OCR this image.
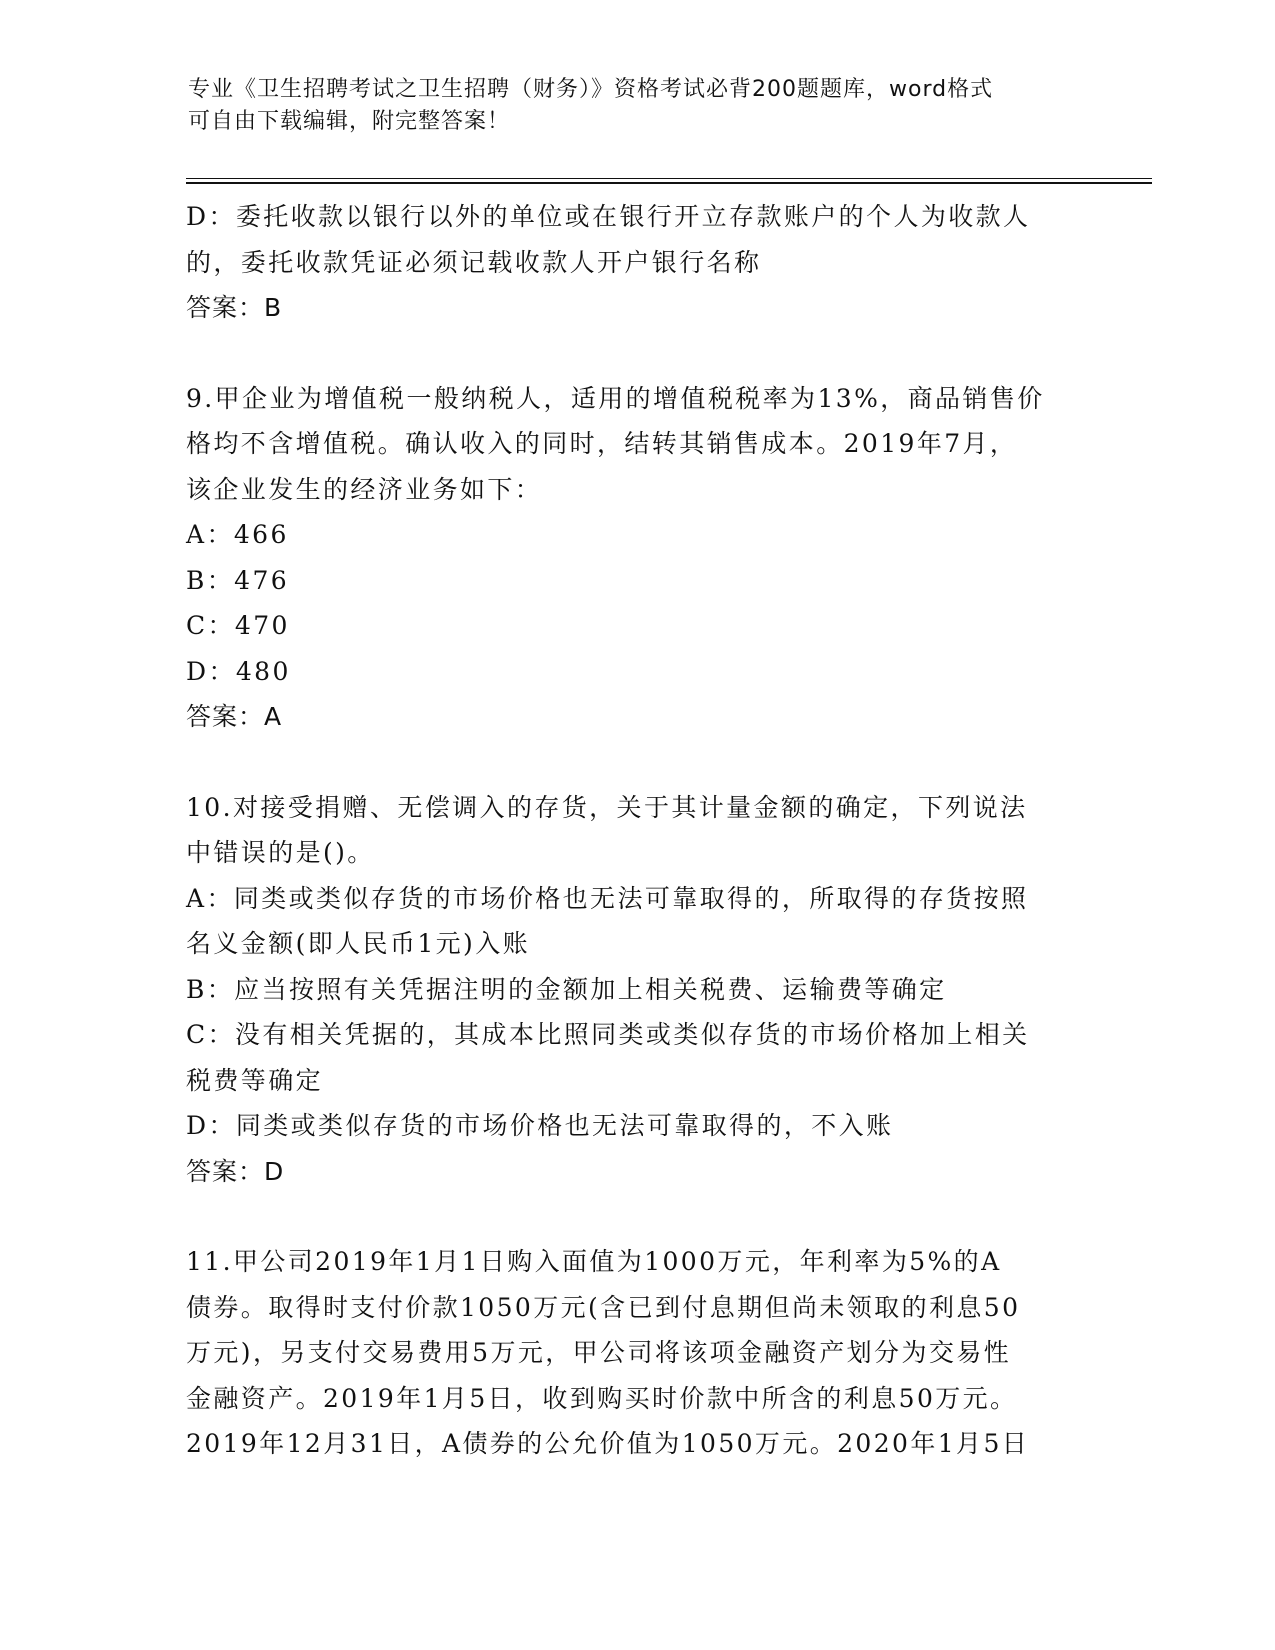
专业《卫生招聘考试之卫生招聘（财务）》资格考试必背200题题库，word格式
可自由下载编辑，附完整答案！
D：委托收款以银行以外的单位或在银行开立存款账户的个人为收款人
的，委托收款凭证必须记载收款人开户银行名称
答案：B
9.甲企业为增值税一般纳税人，适用的增值税税率为13%，商品销售价
格均不含增值税。确认收入的同时，结转其销售成本。2019年7月，
该企业发生的经济业务如下：
A：466
B：476
C：470
D：480
答案：A
10.对接受捐赠、无偿调入的存货，关于其计量金额的确定，下列说法
中错误的是()。
A：同类或类似存货的市场价格也无法可靠取得的，所取得的存货按照
名义金额(即人民币1元)入账
B：应当按照有关凭据注明的金额加上相关税费、运输费等确定
C：没有相关凭据的，其成本比照同类或类似存货的市场价格加上相关
税费等确定
D：同类或类似存货的市场价格也无法可靠取得的，不入账
答案：D
11.甲公司2019年1月1日购入面值为1000万元，年利率为5%的A
债券。取得时支付价款1050万元(含已到付息期但尚未领取的利息50
万元)，另支付交易费用5万元，甲公司将该项金融资产划分为交易性
金融资产。2019年1月5日，收到购买时价款中所含的利息50万元。
2019年12月31日，A债券的公允价值为1050万元。2020年1月5日
